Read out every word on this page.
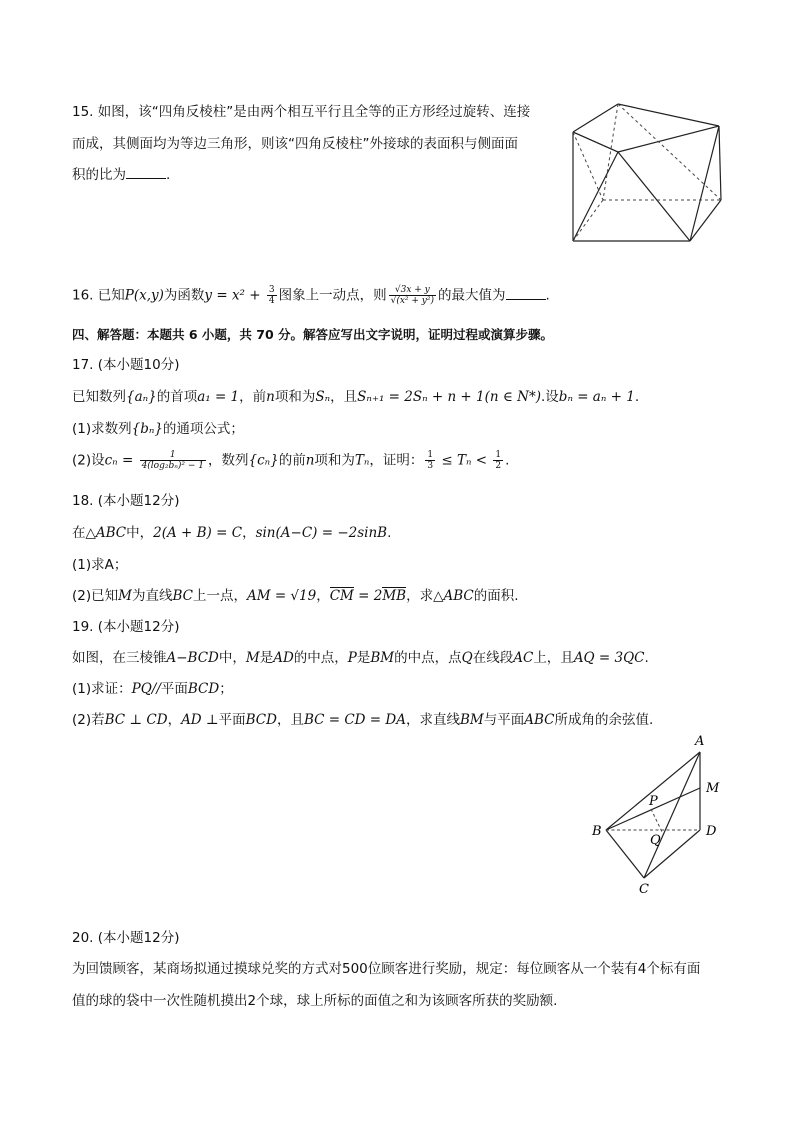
15. 如图，该“四角反棱柱”是由两个相互平行且全等的正方形经过旋转、连接
而成，其侧面均为等边三角形，则该“四角反棱柱”外接球的表面积与侧面面
积的比为	.
16. 已知P(x,y)为函数$y = x^2 + \frac{3}{4}$ 图象上一动点，则 $\frac{√3x + y}{\text{√(x² + y²)}}$ 的最大值为	.
四、解答题：本题共 6 小题，共 70 分。解答应写出文字说明，证明过程或演算步骤。
17. (本小题10分)
已知数列{aₙ}的首项a₁ = 1，前n项和为Sₙ，且Sₙ₊₁ = 2Sₙ + n + 1(n ∈ N*).设bₙ = aₙ + 1.
(1)求数列{bₙ}的通项公式；
(2)设$c_n = \frac{1}{\text{4(log₂bₙ)² − 1}}$ ，数列{cₙ}的前n项和为Tₙ，证明： $\frac{1}{3} \le T_n < \frac{1}{2}$ .
18. (本小题12分)
在△ABC中，2(A + B) = C，sin(A−C) = −2sinB.
(1)求A；
(2)已知M为直线BC上一点，AM = √19，CM = 2MB，求△ABC的面积.
19. (本小题12分)
如图，在三棱锥A−BCD中，M是AD的中点，P是BM的中点，点Q在线段AC上，且AQ = 3QC.
(1)求证：PQ//平面BCD；
(2)若BC ⊥ CD，AD ⊥平面BCD，且BC = CD = DA，求直线BM与平面ABC所成角的余弦值.
A
M
P
B	D
Q
C
20. (本小题12分)
为回馈顾客，某商场拟通过摸球兑奖的方式对500位顾客进行奖励，规定：每位顾客从一个装有4个标有面
值的球的袋中一次性随机摸出2个球，球上所标的面值之和为该顾客所获的奖励额.
